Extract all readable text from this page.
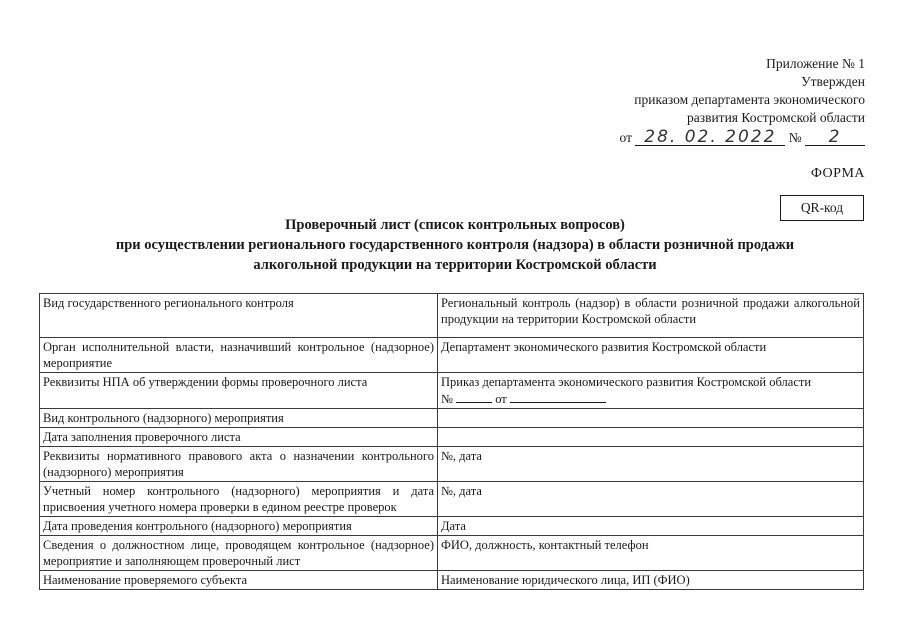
Приложение № 1
Утвержден
приказом департамента экономического
развития Костромской области
от 28. 02. 2022 № 2
ФОРМА
QR-код
Проверочный лист (список контрольных вопросов)
при осуществлении регионального государственного контроля (надзора) в области розничной продажи
алкогольной продукции на территории Костромской области
Вид государственного регионального контроля	Региональный контроль (надзор) в области розничной продажи алкогольной продукции на территории Костромской области
Орган исполнительной власти, назначивший контрольное (надзорное) мероприятие	Департамент экономического развития Костромской области
Реквизиты НПА об утверждении формы проверочного листа	Приказ департамента экономического развития Костромской области
№ от
Вид контрольного (надзорного) мероприятия	
Дата заполнения проверочного листа	
Реквизиты нормативного правового акта о назначении контрольного (надзорного) мероприятия	№, дата
Учетный номер контрольного (надзорного) мероприятия и дата присвоения учетного номера проверки в едином реестре проверок	№, дата
Дата проведения контрольного (надзорного) мероприятия	Дата
Сведения о должностном лице, проводящем контрольное (надзорное) мероприятие и заполняющем проверочный лист	ФИО, должность, контактный телефон
Наименование проверяемого субъекта	Наименование юридического лица, ИП (ФИО)
